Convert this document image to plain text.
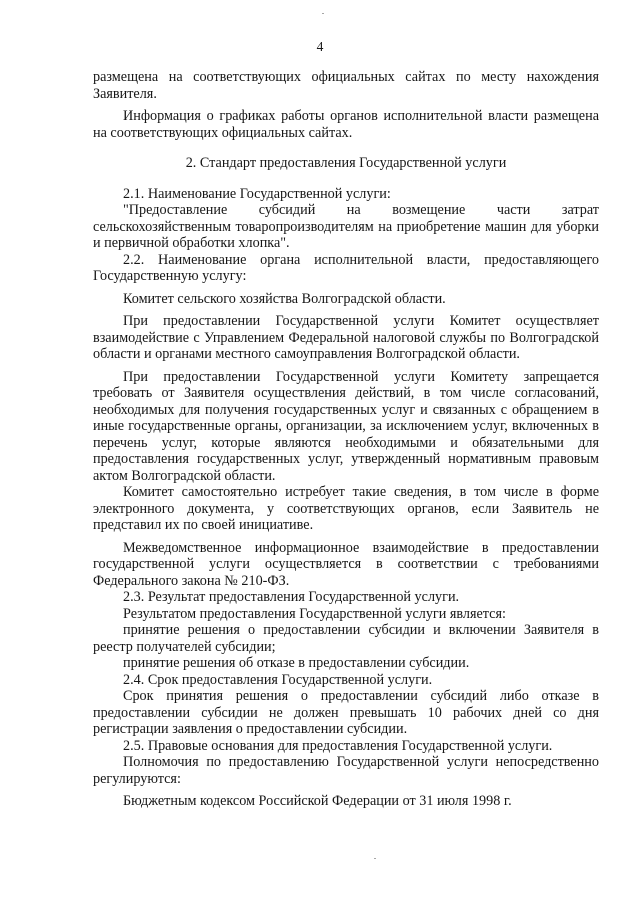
4

размещена на соответствующих официальных сайтах по месту нахождения Заявителя.

Информация о графиках работы органов исполнительной власти размещена на соответствующих официальных сайтах.

2. Стандарт предоставления Государственной услуги

2.1. Наименование Государственной услуги:

"Предоставление субсидий на возмещение части затрат сельскохозяйственным товаропроизводителям на приобретение машин для уборки и первичной обработки хлопка".

2.2. Наименование органа исполнительной власти, предоставляющего Государственную услугу:

Комитет сельского хозяйства Волгоградской области.

При предоставлении Государственной услуги Комитет осуществляет взаимодействие с Управлением Федеральной налоговой службы по Волгоградской области и органами местного самоуправления Волгоградской области.

При предоставлении Государственной услуги Комитету запрещается требовать от Заявителя осуществления действий, в том числе согласований, необходимых для получения государственных услуг и связанных с обращением в иные государственные органы, организации, за исключением услуг, включенных в перечень услуг, которые являются необходимыми и обязательными для предоставления государственных услуг, утвержденный нормативным правовым актом Волгоградской области.

Комитет самостоятельно истребует такие сведения, в том числе в форме электронного документа, у соответствующих органов, если Заявитель не представил их по своей инициативе.

Межведомственное информационное взаимодействие в предоставлении государственной услуги осуществляется в соответствии с требованиями Федерального закона № 210-ФЗ.

2.3. Результат предоставления Государственной услуги.

Результатом предоставления Государственной услуги является:

принятие решения о предоставлении субсидии и включении Заявителя в реестр получателей субсидии;

принятие решения об отказе в предоставлении субсидии.

2.4. Срок предоставления Государственной услуги.

Срок принятия решения о предоставлении субсидий либо отказе в предоставлении субсидии не должен превышать 10 рабочих дней со дня регистрации заявления о предоставлении субсидии.

2.5. Правовые основания для предоставления Государственной услуги.

Полномочия по предоставлению Государственной услуги непосредственно регулируются:

Бюджетным кодексом Российской Федерации от 31 июля 1998 г.
